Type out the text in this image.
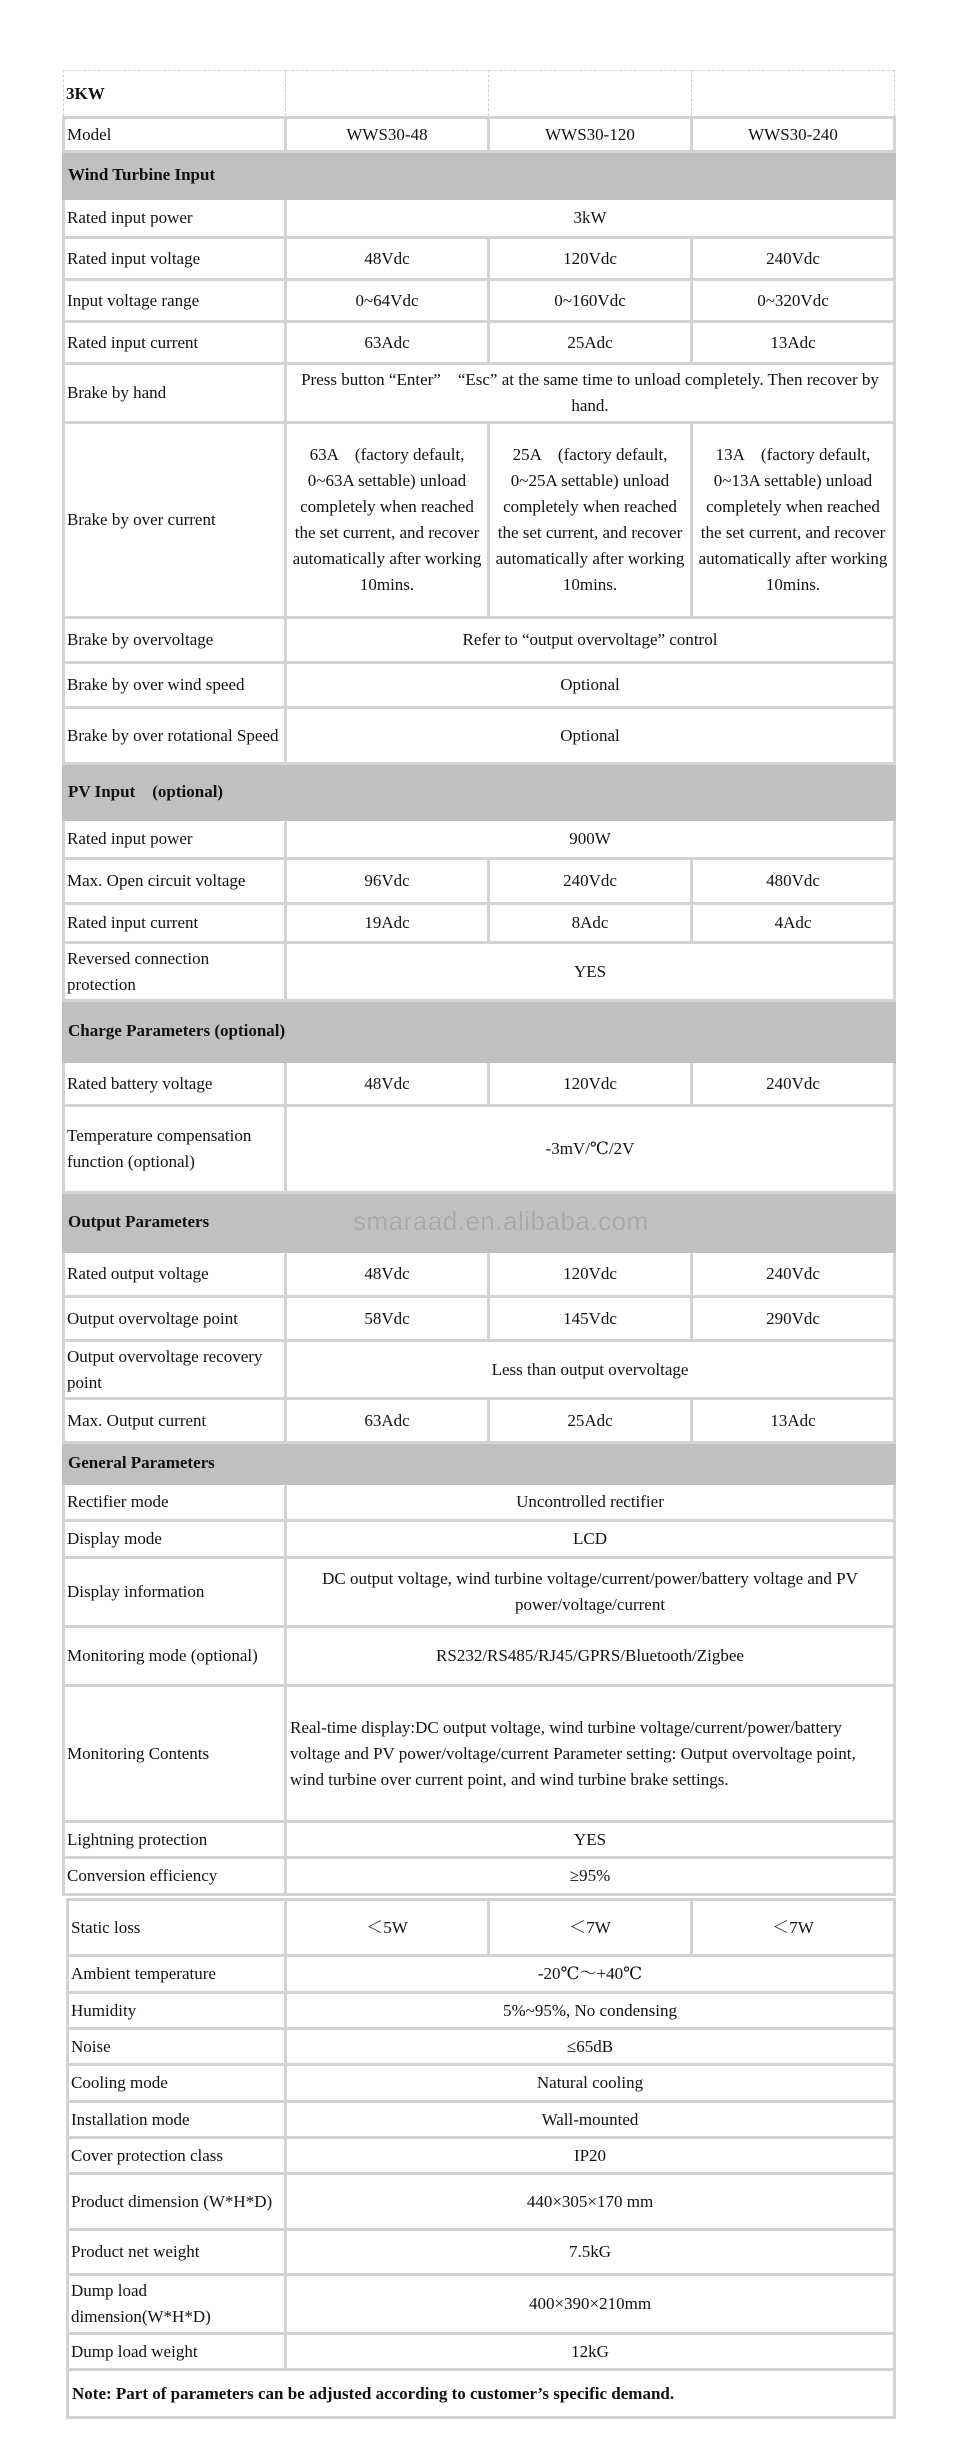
3KW			
Model	WWS30-48	WWS30-120	WWS30-240
Wind Turbine Input			
Rated input power	3kW		
Rated input voltage	48Vdc	120Vdc	240Vdc
Input voltage range	0~64Vdc	0~160Vdc	0~320Vdc
Rated input current	63Adc	25Adc	13Adc
Brake by hand	Press button “Enter”　“Esc” at the same time to unload completely. Then recover by hand.		
Brake by over current	63A　(factory default, 0~63A settable) unload completely when reached the set current, and recover automatically after working 10mins.	25A　(factory default, 0~25A settable) unload completely when reached the set current, and recover automatically after working 10mins.	13A　(factory default, 0~13A settable) unload completely when reached the set current, and recover automatically after working 10mins.
Brake by overvoltage	Refer to “output overvoltage” control		
Brake by over wind speed	Optional		
Brake by over rotational Speed	Optional		
PV Input　(optional)			
Rated input power	900W		
Max. Open circuit voltage	96Vdc	240Vdc	480Vdc
Rated input current	19Adc	8Adc	4Adc
Reversed connection protection	YES		
Charge Parameters (optional)			
Rated battery voltage	48Vdc	120Vdc	240Vdc
Temperature compensation function (optional)	-3mV/℃/2V		
Output Parameters smaraad.en.alibaba.com			

Rated output voltage	48Vdc	120Vdc	240Vdc
Output overvoltage point	58Vdc	145Vdc	290Vdc
Output overvoltage recovery point	Less than output overvoltage		
Max. Output current	63Adc	25Adc	13Adc
General Parameters			
Rectifier mode	Uncontrolled rectifier		
Display mode	LCD		
Display information	DC output voltage, wind turbine voltage/current/power/battery voltage and PV power/voltage/current		
Monitoring mode (optional)	RS232/RS485/RJ45/GPRS/Bluetooth/Zigbee		
Monitoring Contents	Real-time display:DC output voltage, wind turbine voltage/current/power/battery voltage and PV power/voltage/current Parameter setting: Output overvoltage point, wind turbine over current point, and wind turbine brake settings.		
Lightning protection	YES		
Conversion efficiency	≥95%		
Static loss	＜5W	＜7W	＜7W
Ambient temperature	-20℃～+40℃		
Humidity	5%~95%, No condensing		
Noise	≤65dB		
Cooling mode	Natural cooling		
Installation mode	Wall-mounted		
Cover protection class	IP20		
Product dimension (W*H*D)	440×305×170 mm		
Product net weight	7.5kG		
Dump load dimension(W*H*D)	400×390×210mm		
Dump load weight	12kG		
Note: Part of parameters can be adjusted according to customer’s specific demand.			
